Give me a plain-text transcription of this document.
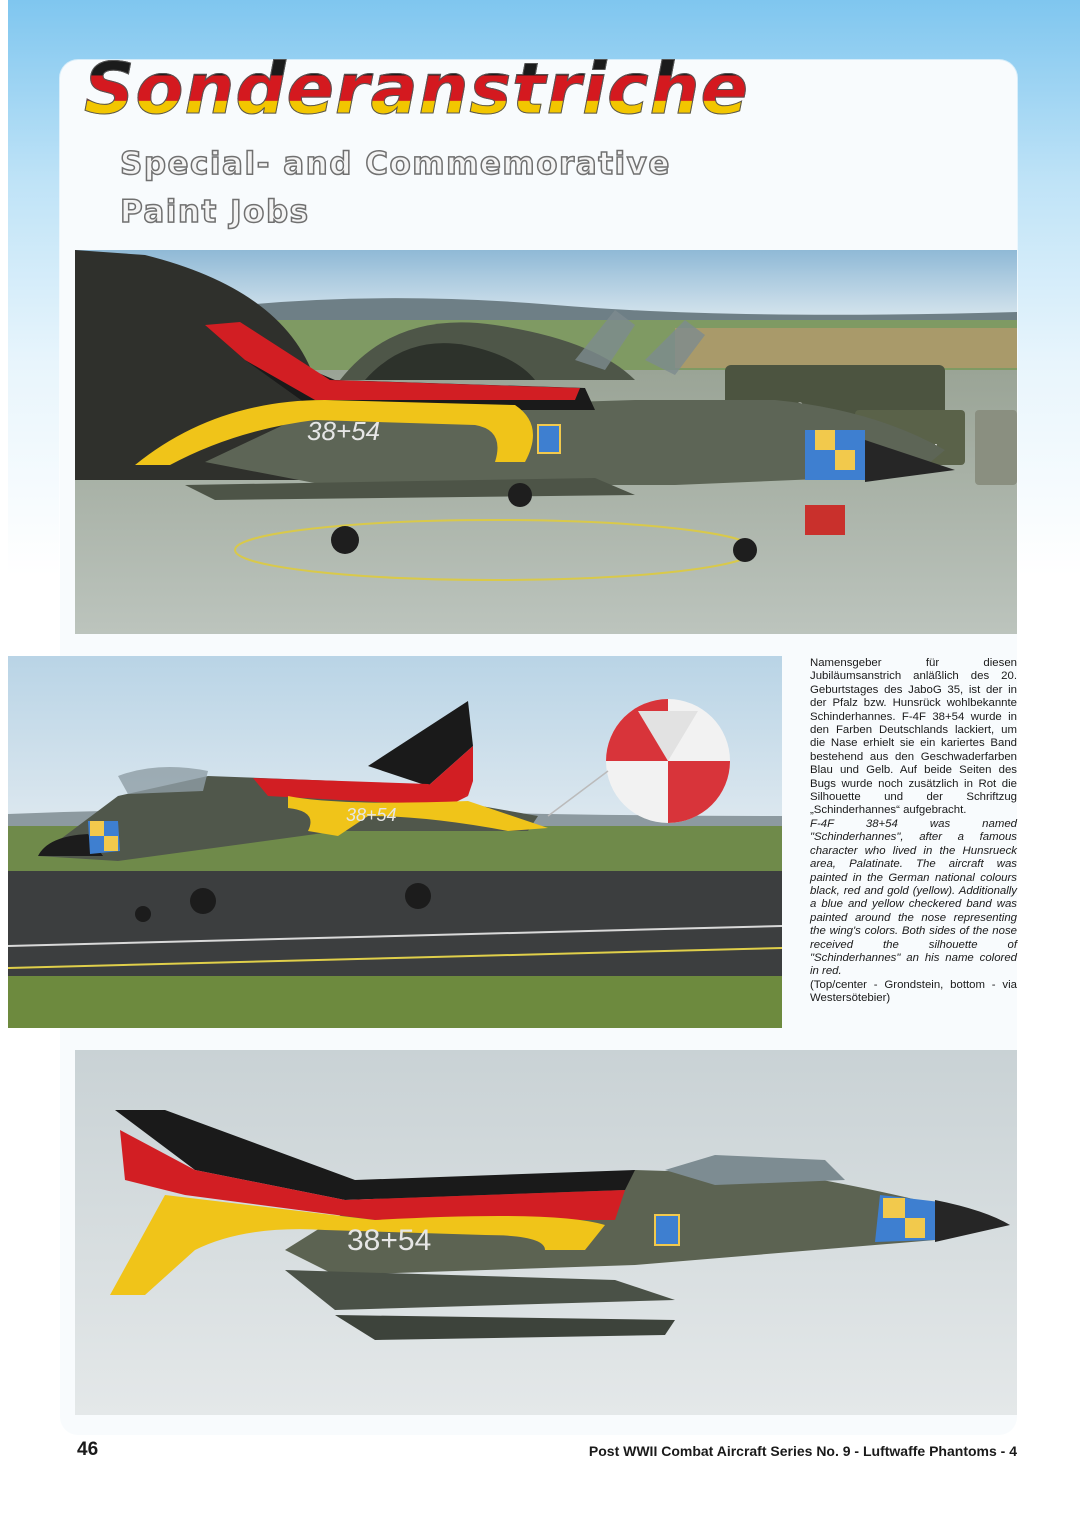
Sonderanstriche
Special- and Commemorative
Paint Jobs
38+54
38+54

Namensgeber für diesen Jubiläumsanstrich anläßlich des 20. Geburtstages des JaboG 35, ist der in der Pfalz bzw. Hunsrück wohlbekannte Schinderhannes. F-4F 38+54 wurde in den Farben Deutschlands lackiert, um die Nase erhielt sie ein kariertes Band bestehend aus den Geschwaderfarben Blau und Gelb. Auf beide Seiten des Bugs wurde noch zusätzlich in Rot die Silhouette und der Schriftzug „Schinderhannes“ aufgebracht.

F-4F 38+54 was named "Schinderhannes", after a famous character who lived in the Hunsrueck area, Palatinate. The aircraft was painted in the German national colours black, red and gold (yellow). Additionally a blue and yellow checkered band was painted around the nose representing the wing's colors. Both sides of the nose received the silhouette of "Schinderhannes" an his name colored in red.

(Top/center - Grondstein, bottom - via Westersötebier)

38+54
46	Post WWII Combat Aircraft Series No. 9 - Luftwaffe Phantoms - 4
